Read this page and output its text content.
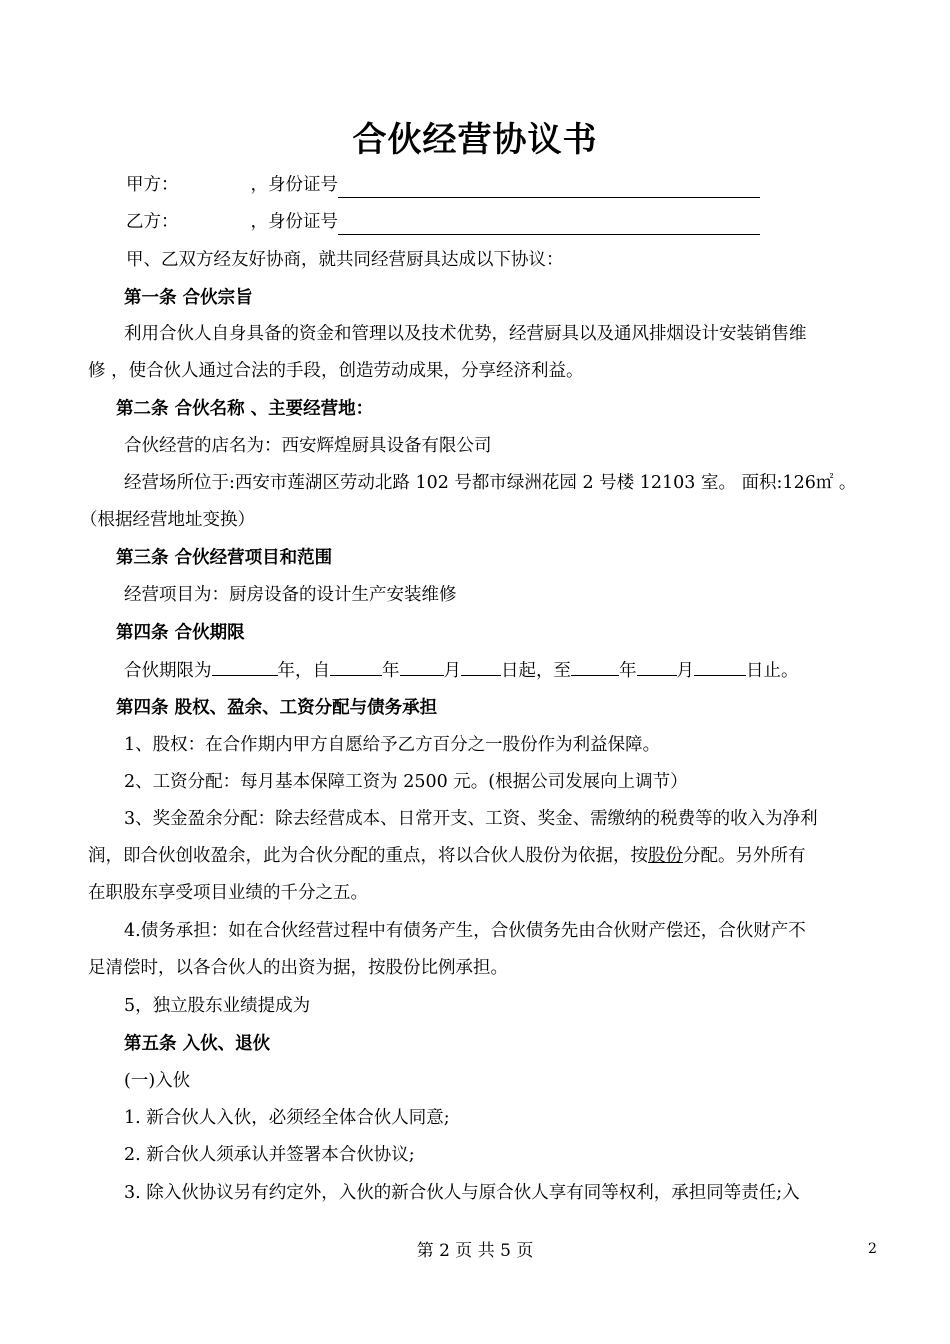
合伙经营协议书
甲方：	，身份证号
乙方：	，身份证号
甲、乙双方经友好协商，就共同经营厨具达成以下协议：
第一条 合伙宗旨
利用合伙人自身具备的资金和管理以及技术优势，经营厨具以及通风排烟设计安装销售维
修 ，使合伙人通过合法的手段，创造劳动成果，分享经济利益。
第二条 合伙名称 、主要经营地：
合伙经营的店名为：西安辉煌厨具设备有限公司
经营场所位于:西安市莲湖区劳动北路 102 号都市绿洲花园 2 号楼 12103 室。 面积:126㎡ 。
（根据经营地址变换）
第三条 合伙经营项目和范围
经营项目为：厨房设备的设计生产安装维修
第四条 合伙期限
合伙期限为	年，自	年	月 日起，至	年 月	日止。
第四条 股权、盈余、工资分配与债务承担
1、股权：在合作期内甲方自愿给予乙方百分之一股份作为利益保障。
2、工资分配：每月基本保障工资为 2500 元。(根据公司发展向上调节）
3、奖金盈余分配：除去经营成本、日常开支、工资、奖金、需缴纳的税费等的收入为净利
润，即合伙创收盈余，此为合伙分配的重点，将以合伙人股份为依据，按股份分配。另外所有
在职股东享受项目业绩的千分之五。
4.债务承担：如在合伙经营过程中有债务产生，合伙债务先由合伙财产偿还，合伙财产不
足清偿时，以各合伙人的出资为据，按股份比例承担。
5，独立股东业绩提成为
第五条 入伙、退伙
(一)入伙
1. 新合伙人入伙，必须经全体合伙人同意;
2. 新合伙人须承认并签署本合伙协议;
3. 除入伙协议另有约定外，入伙的新合伙人与原合伙人享有同等权利，承担同等责任;入
第 2 页 共 5 页	2
